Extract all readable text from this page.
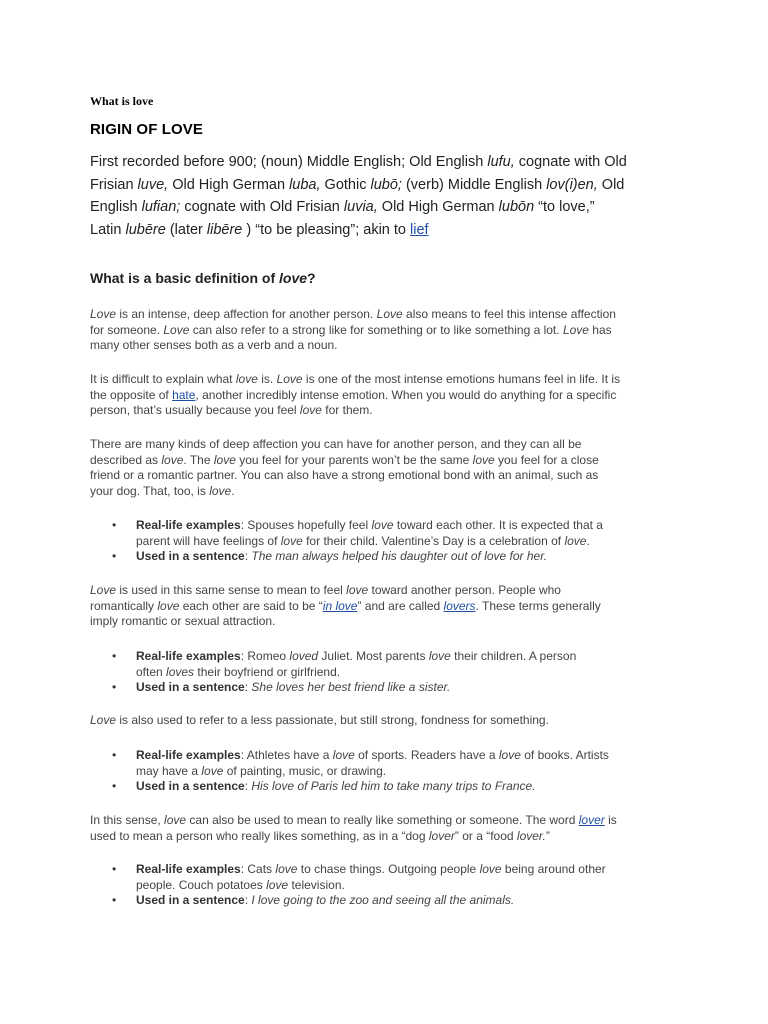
What is love
RIGIN OF LOVE
First recorded before 900; (noun) Middle English; Old English lufu, cognate with Old
Frisian luve, Old High German luba, Gothic lubō; (verb) Middle English lov(i)en, Old
English lufian; cognate with Old Frisian luvia, Old High German lubōn “to love,”
Latin lubēre (later libēre ) “to be pleasing”; akin to lief
What is a basic definition of love?

Love is an intense, deep affection for another person. Love also means to feel this intense affection
for someone. Love can also refer to a strong like for something or to like something a lot. Love has
many other senses both as a verb and a noun.

It is difficult to explain what love is. Love is one of the most intense emotions humans feel in life. It is
the opposite of hate, another incredibly intense emotion. When you would do anything for a specific
person, that’s usually because you feel love for them.

There are many kinds of deep affection you can have for another person, and they can all be
described as love. The love you feel for your parents won’t be the same love you feel for a close
friend or a romantic partner. You can also have a strong emotional bond with an animal, such as
your dog. That, too, is love.

• Real-life examples: Spouses hopefully feel love toward each other. It is expected that a
parent will have feelings of love for their child. Valentine’s Day is a celebration of love.
• Used in a sentence: The man always helped his daughter out of love for her.

Love is used in this same sense to mean to feel love toward another person. People who
romantically love each other are said to be “in love” and are called lovers. These terms generally
imply romantic or sexual attraction.

• Real-life examples: Romeo loved Juliet. Most parents love their children. A person
often loves their boyfriend or girlfriend.
• Used in a sentence: She loves her best friend like a sister.

Love is also used to refer to a less passionate, but still strong, fondness for something.

• Real-life examples: Athletes have a love of sports. Readers have a love of books. Artists
may have a love of painting, music, or drawing.
• Used in a sentence: His love of Paris led him to take many trips to France.

In this sense, love can also be used to mean to really like something or someone. The word lover is
used to mean a person who really likes something, as in a “dog lover” or a “food lover.”

• Real-life examples: Cats love to chase things. Outgoing people love being around other
people. Couch potatoes love television.
• Used in a sentence: I love going to the zoo and seeing all the animals.
